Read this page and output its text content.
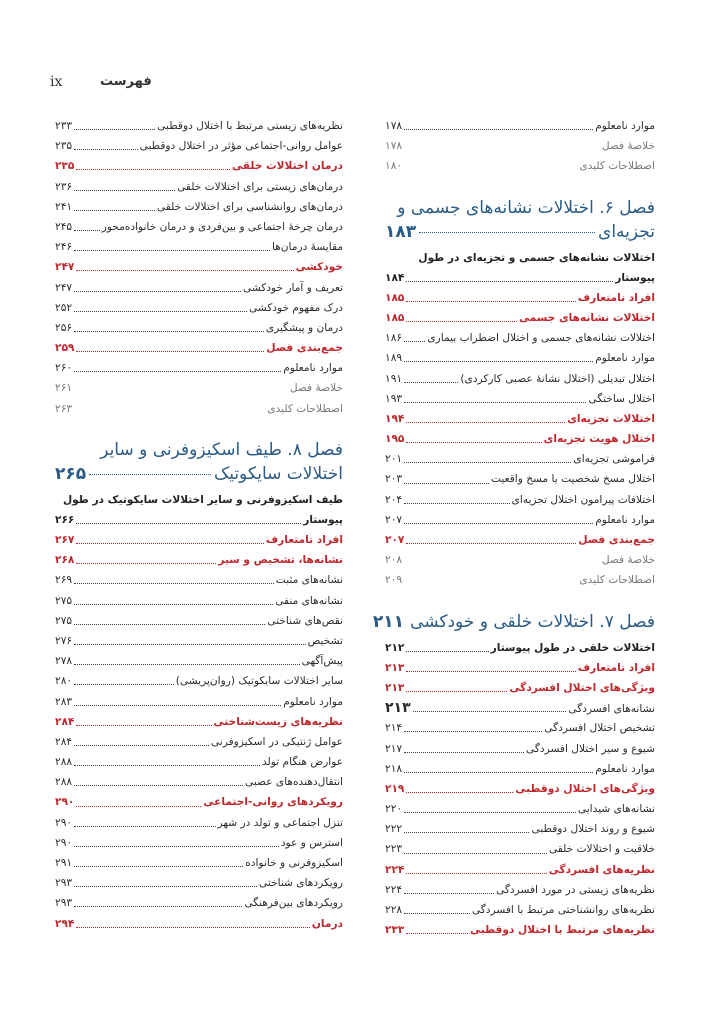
ix	فهرست
موارد نامعلوم
۱۷۸
خلاصهٔ فصل
۱۷۸
اصطلاحات کلیدی
۱۸۰
فصل ۶. اختلالات نشانه‌های جسمی و
تجزیه‌ای
۱۸۳
اختلالات نشانه‌های جسمی و تجزیه‌ای در طول
پیوستار
۱۸۴
افراد نامتعارف
۱۸۵
اختلالات نشانه‌های جسمی
۱۸۵
اختلالات نشانه‌های جسمی و اختلال اضطراب بیماری
۱۸۶
موارد نامعلوم
۱۸۹
اختلال تبدیلی (اختلال نشانهٔ عصبی کارکردی)
۱۹۱
اختلال ساختگی
۱۹۳
اختلالات تجزیه‌ای
۱۹۴
اختلال هویت تجزیه‌ای
۱۹۵
فراموشی تجزیه‌ای
۲۰۱
اختلال مسخ شخصیت یا مسخ واقعیت
۲۰۳
اختلافات پیرامون اختلال تجزیه‌ای
۲۰۴
موارد نامعلوم
۲۰۷
جمع‌بندی فصل
۲۰۷
خلاصهٔ فصل
۲۰۸
اصطلاحات کلیدی
۲۰۹
فصل ۷. اختلالات خلقی و خودکشی
۲۱۱
اختلالات خلقی در طول پیوستار
۲۱۲
افراد نامتعارف
۲۱۳
ویژگی‌های اختلال افسردگی
۲۱۳
نشانه‌های افسردگی
۲۱۳
تشخیص اختلال افسردگی
۲۱۴
شیوع و سیر اختلال افسردگی
۲۱۷
موارد نامعلوم
۲۱۸
ویژگی‌های اختلال دوقطبی
۲۱۹
نشانه‌های شیدایی
۲۲۰
شیوع و روند اختلال دوقطبی
۲۲۲
خلاقیت و اختلالات خلقی
۲۲۳
نظریه‌های افسردگی
۲۲۴
نظریه‌های زیستی در مورد افسردگی
۲۲۴
نظریه‌های روانشناختی مرتبط با افسردگی
۲۲۸
نظریه‌های مرتبط با اختلال دوقطبی
۲۳۳
نظریه‌های زیستی مرتبط با اختلال دوقطبی
۲۳۳
عوامل روانی-اجتماعی مؤثر در اختلال دوقطبی
۲۳۵
درمان اختلالات خلقی
۲۳۵
درمان‌های زیستی برای اختلالات خلقی
۲۳۶
درمان‌های روانشناسی برای اختلالات خلقی
۲۴۱
درمان چرخهٔ اجتماعی و بین‌فردی و درمان خانواده‌محور
۲۴۵
مقایسهٔ درمان‌ها
۲۴۶
خودکشی
۲۴۷
تعریف و آمار خودکشی
۲۴۷
درک مفهوم خودکشی
۲۵۲
درمان و پیشگیری
۲۵۶
جمع‌بندی فصل
۲۵۹
موارد نامعلوم
۲۶۰
خلاصهٔ فصل
۲۶۱
اصطلاحات کلیدی
۲۶۳
فصل ۸. طیف اسکیزوفرنی و سایر
اختلالات سایکوتیک
۲۶۵
طیف اسکیزوفرنی و سایر اختلالات سایکوتیک در طول
پیوستار
۲۶۶
افراد نامتعارف
۲۶۷
نشانه‌ها، تشخیص و سیر
۲۶۸
نشانه‌های مثبت
۲۶۹
نشانه‌های منفی
۲۷۵
نقص‌های شناختی
۲۷۵
تشخیص
۲۷۶
پیش‌آگهی
۲۷۸
سایر اختلالات سایکوتیک (روان‌پریشی)
۲۸۰
موارد نامعلوم
۲۸۳
نظریه‌های زیست‌شناختی
۲۸۴
عوامل ژنتیکی در اسکیزوفرنی
۲۸۴
عوارض هنگام تولد
۲۸۸
انتقال‌دهنده‌های عصبی
۲۸۸
رویکردهای روانی-اجتماعی
۲۹۰
تنزل اجتماعی و تولد در شهر
۲۹۰
استرس و عود
۲۹۰
اسکیزوفرنی و خانواده
۲۹۱
رویکردهای شناختی
۲۹۳
رویکردهای بین‌فرهنگی
۲۹۳
درمان
۲۹۴
